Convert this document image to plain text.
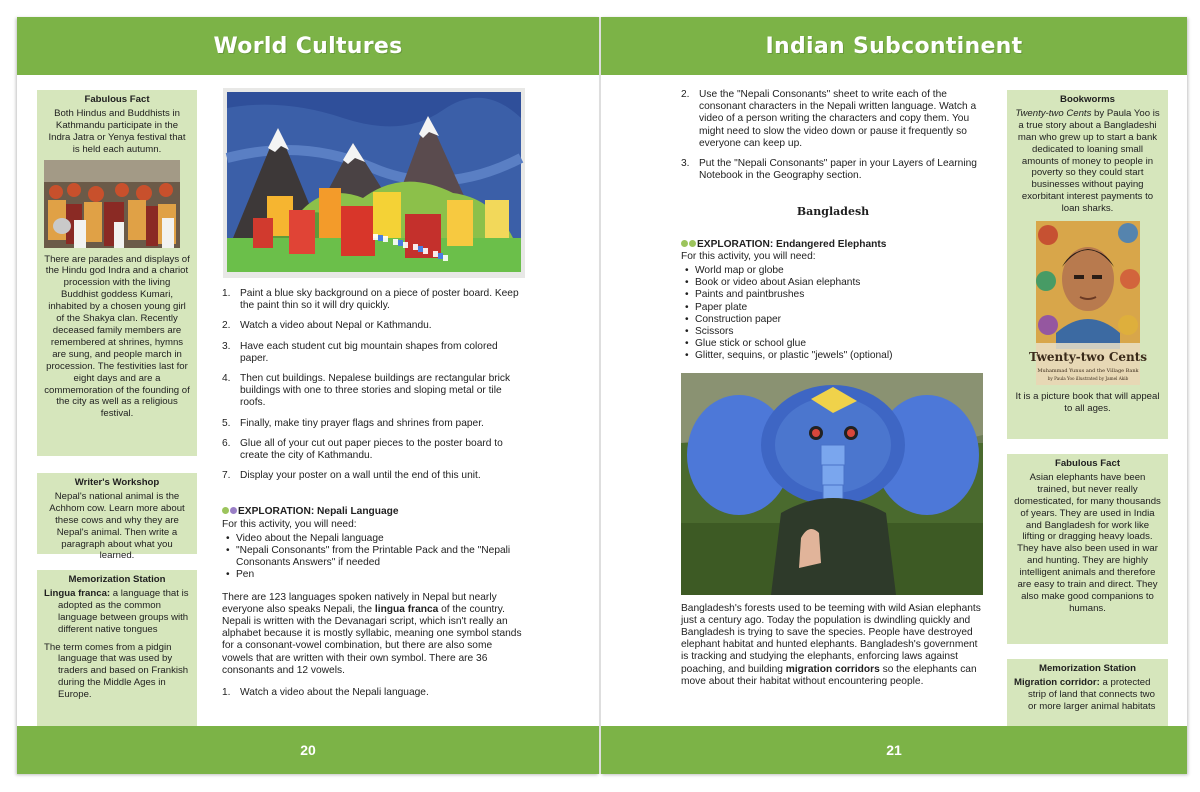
World Cultures
Fabulous Fact

Both Hindus and Buddhists in Kathmandu participate in the Indra Jatra or Yenya festival that is held each autumn.

There are parades and displays of the Hindu god Indra and a chariot procession with the living Buddhist goddess Kumari, inhabited by a chosen young girl of the Shakya clan. Recently deceased family members are remembered at shrines, hymns are sung, and people march in procession. The festivities last for eight days and are a commemoration of the founding of the city as well as a religious festival.

Writer's Workshop

Nepal's national animal is the Achhom cow. Learn more about these cows and why they are Nepal's animal. Then write a paragraph about what you learned.

Memorization Station

Lingua franca: a language that is adopted as the common language between groups with different native tongues

The term comes from a pidgin language that was used by traders and based on Frankish during the Middle Ages in Europe.

1. Paint a blue sky background on a piece of poster board. Keep the paint thin so it will dry quickly.
2. Watch a video about Nepal or Kathmandu.
3. Have each student cut big mountain shapes from colored paper.
4. Then cut buildings. Nepalese buildings are rectangular brick buildings with one to three stories and sloping metal or tile roofs.
5. Finally, make tiny prayer flags and shrines from paper.
6. Glue all of your cut out paper pieces to the poster board to create the city of Kathmandu.
7. Display your poster on a wall until the end of this unit.
EXPLORATION: Nepali Language

For this activity, you will need:

• Video about the Nepali language
• "Nepali Consonants" from the Printable Pack and the "Nepali Consonants Answers" if needed
• Pen

There are 123 languages spoken natively in Nepal but nearly everyone also speaks Nepali, the lingua franca of the country. Nepali is written with the Devanagari script, which isn't really an alphabet because it is mostly syllabic, meaning one symbol stands for a consonant-vowel combination, but there are also some vowels that are written with their own symbol. There are 36 consonants and 12 vowels.

1. Watch a video about the Nepali language.
20
Indian Subcontinent
2. Use the "Nepali Consonants" sheet to write each of the consonant characters in the Nepali written language. Watch a video of a person writing the characters and copy them. You might need to slow the video down or pause it frequently so everyone can keep up.
3. Put the "Nepali Consonants" paper in your Layers of Learning Notebook in the Geography section.
Bangladesh
EXPLORATION: Endangered Elephants

For this activity, you will need:

• World map or globe
• Book or video about Asian elephants
• Paints and paintbrushes
• Paper plate
• Construction paper
• Scissors
• Glue stick or school glue
• Glitter, sequins, or plastic "jewels" (optional)

Bangladesh's forests used to be teeming with wild Asian elephants just a century ago. Today the population is dwindling quickly and Bangladesh is trying to save the species. People have destroyed elephant habitat and hunted elephants. Bangladesh's government is tracking and studying the elephants, enforcing laws against poaching, and building migration corridors so the elephants can move about their habitat without encountering people.

Bookworms

Twenty-two Cents by Paula Yoo is a true story about a Bangladeshi man who grew up to start a bank dedicated to loaning small amounts of money to people in poverty so they could start businesses without paying exorbitant interest payments to loan sharks.

Twenty-two Cents
Muhammad Yunus and the Village Bank
by Paula Yoo illustrated by Jamel Akib

It is a picture book that will appeal to all ages.

Fabulous Fact

Asian elephants have been trained, but never really domesticated, for many thousands of years. They are used in India and Bangladesh for work like lifting or dragging heavy loads. They have also been used in war and hunting. They are highly intelligent animals and therefore are easy to train and direct. They also make good companions to humans.

Memorization Station

Migration corridor: a protected strip of land that connects two or more larger animal habitats

21
